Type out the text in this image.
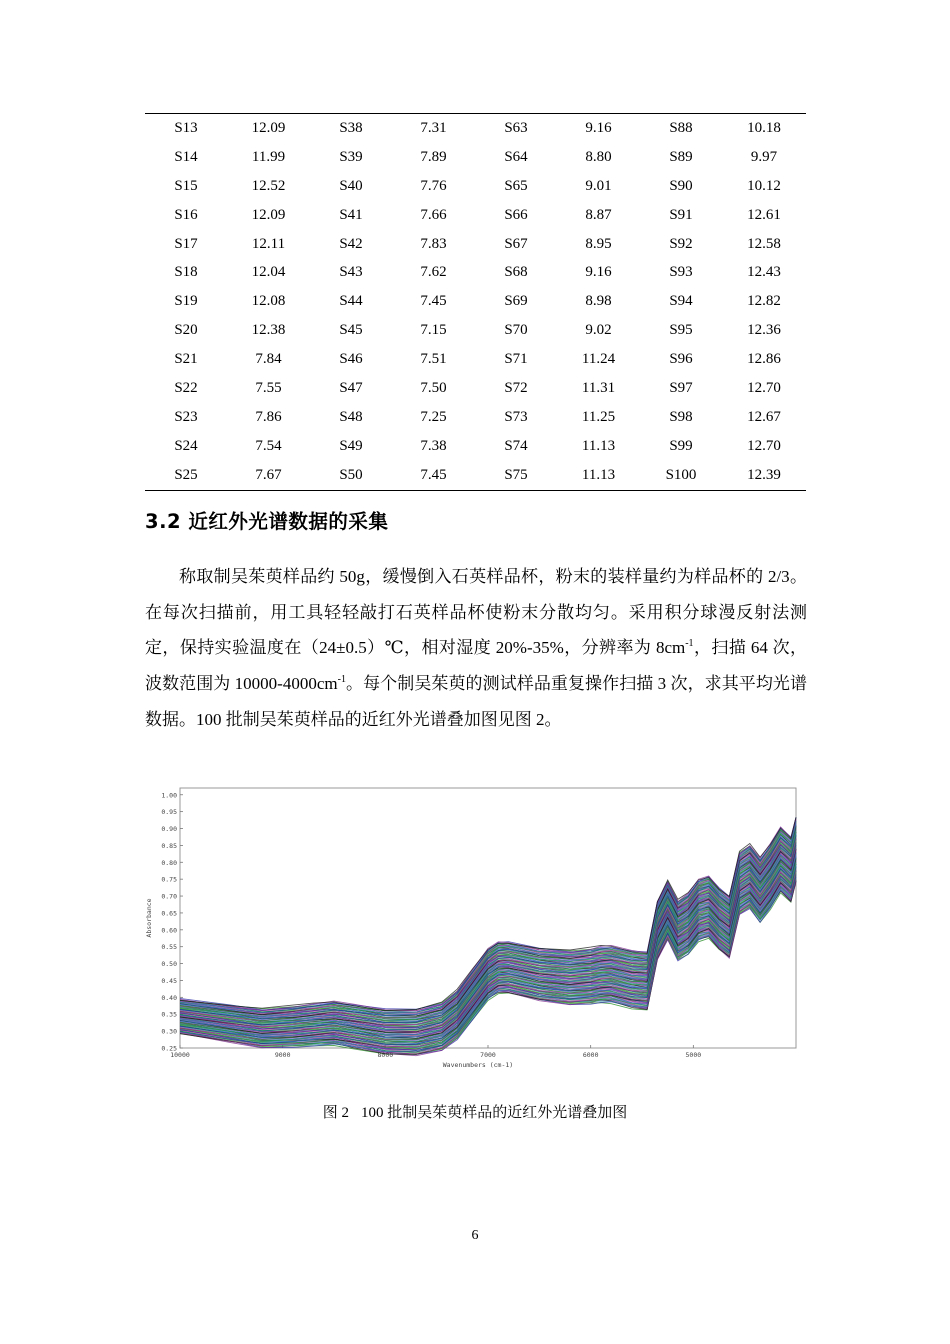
S13	12.09	S38	7.31	S63	9.16	S88	10.18
S14	11.99	S39	7.89	S64	8.80	S89	9.97
S15	12.52	S40	7.76	S65	9.01	S90	10.12
S16	12.09	S41	7.66	S66	8.87	S91	12.61
S17	12.11	S42	7.83	S67	8.95	S92	12.58
S18	12.04	S43	7.62	S68	9.16	S93	12.43
S19	12.08	S44	7.45	S69	8.98	S94	12.82
S20	12.38	S45	7.15	S70	9.02	S95	12.36
S21	7.84	S46	7.51	S71	11.24	S96	12.86
S22	7.55	S47	7.50	S72	11.31	S97	12.70
S23	7.86	S48	7.25	S73	11.25	S98	12.67
S24	7.54	S49	7.38	S74	11.13	S99	12.70
S25	7.67	S50	7.45	S75	11.13	S100	12.39
3.2 近红外光谱数据的采集

称取制吴茱萸样品约 50g，缓慢倒入石英样品杯，粉末的装样量约为样品杯的 2/3。在每次扫描前，用工具轻轻敲打石英样品杯使粉末分散均匀。采用积分球漫反射法测定，保持实验温度在（24±0.5）℃，相对湿度 20%-35%，分辨率为 $8cm^{-1}$，扫描 64 次，波数范围为 $10000-4000cm^{-1}$。每个制吴茱萸的测试样品重复操作扫描 3 次，求其平均光谱数据。100 批制吴茱萸样品的近红外光谱叠加图见图 2。

1.00
0.95
0.90
0.85
0.80
0.75
0.70
0.65
0.60
0.55
0.50
0.45
0.40
0.35
0.30
0.25
10000	9000	8000	7000	6000	5000
Wavenumbers (cm-1)
Absorbance
图 2 100 批制吴茱萸样品的近红外光谱叠加图
6
